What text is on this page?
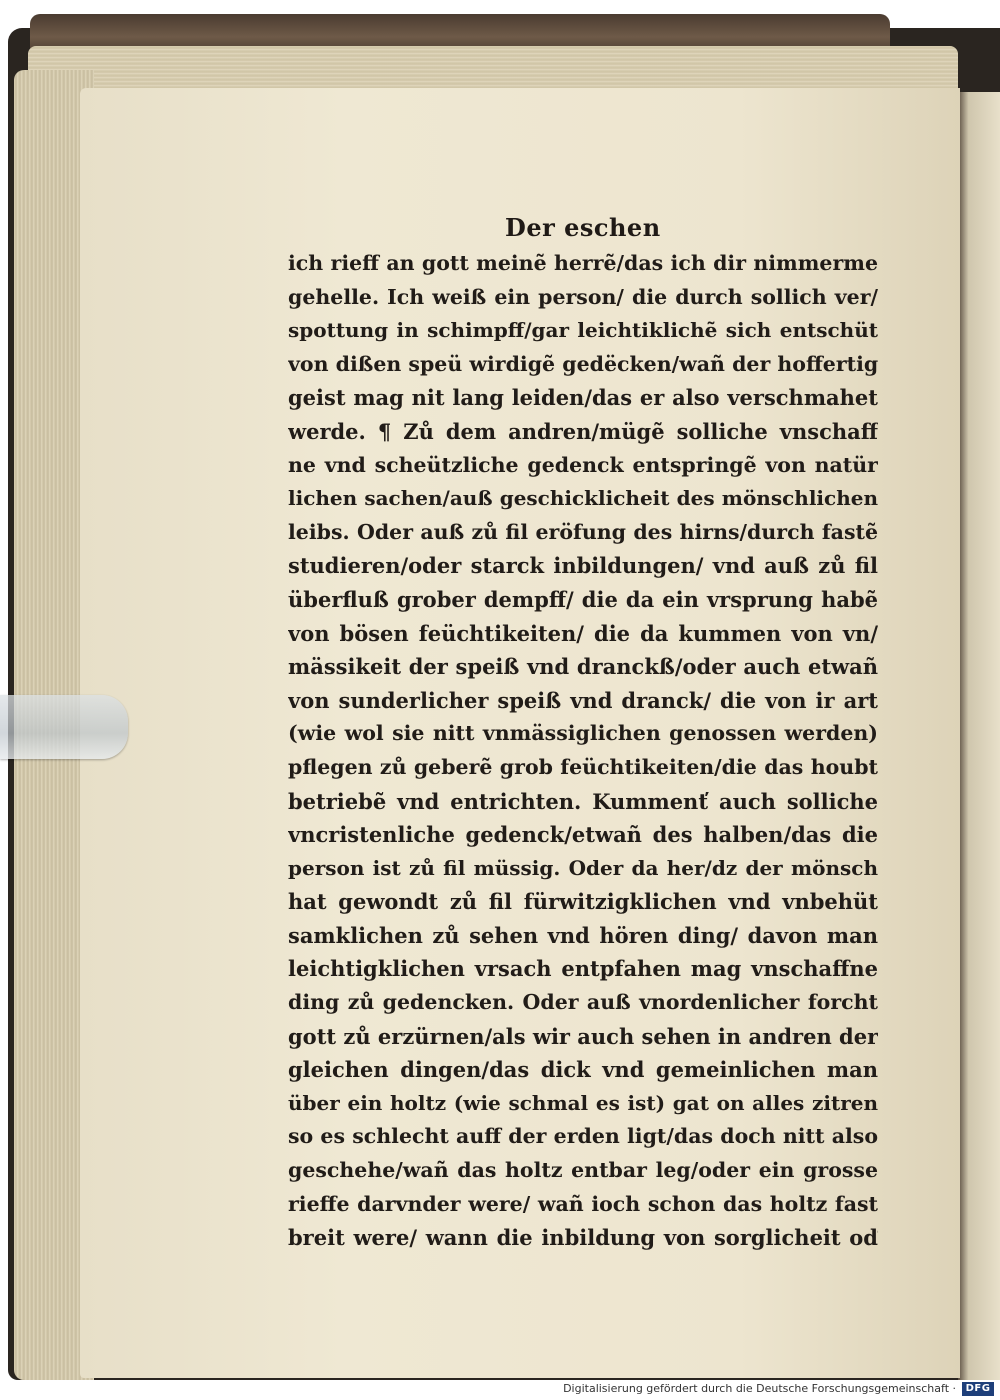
Der eschen
ich rieff an gott meinẽ herrẽ/das ich dir nimmerme
gehelle. Ich weiß ein person/ die durch sollich ver/
spottung in schimpff/gar leichtiklichẽ sich entschüt
von dißen speü wirdigẽ gedëcken/wañ der hoffertig
geist mag nit lang leiden/das er also verschmahet
werde. ¶ Zů dem andren/mügẽ solliche vnschaff
ne vnd scheützliche gedenck entspringẽ von natür
lichen sachen/auß geschicklicheit des mönschlichen
leibs. Oder auß zů fil eröfung des hirns/durch fastẽ
studieren/oder starck inbildungen/ vnd auß zů fil
überfluß grober dempff/ die da ein vrsprung habẽ
von bösen feüchtikeiten/ die da kummen von vn/
mässikeit der speiß vnd dranckß/oder auch etwañ
von sunderlicher speiß vnd dranck/ die von ir art
(wie wol sie nitt vnmässiglichen genossen werden)
pflegen zů geberẽ grob feüchtikeiten/die das houbt
betriebẽ vnd entrichten. Kummenť auch solliche
vncristenliche gedenck/etwañ des halben/das die
person ist zů fil müssig. Oder da her/dz der mönsch
hat gewondt zů fil fürwitzigklichen vnd vnbehüt
samklichen zů sehen vnd hören ding/ davon man
leichtigklichen vrsach entpfahen mag vnschaffne
ding zů gedencken. Oder auß vnordenlicher forcht
gott zů erzürnen/als wir auch sehen in andren der
gleichen dingen/das dick vnd gemeinlichen man
über ein holtz (wie schmal es ist) gat on alles zitren
so es schlecht auff der erden ligt/das doch nitt also
geschehe/wañ das holtz entbar leg/oder ein grosse
rieffe darvnder were/ wañ ioch schon das holtz fast
breit were/ wann die inbildung von sorglicheit oď
Digitalisierung gefördert durch die Deutsche Forschungsgemeinschaft · DFG
